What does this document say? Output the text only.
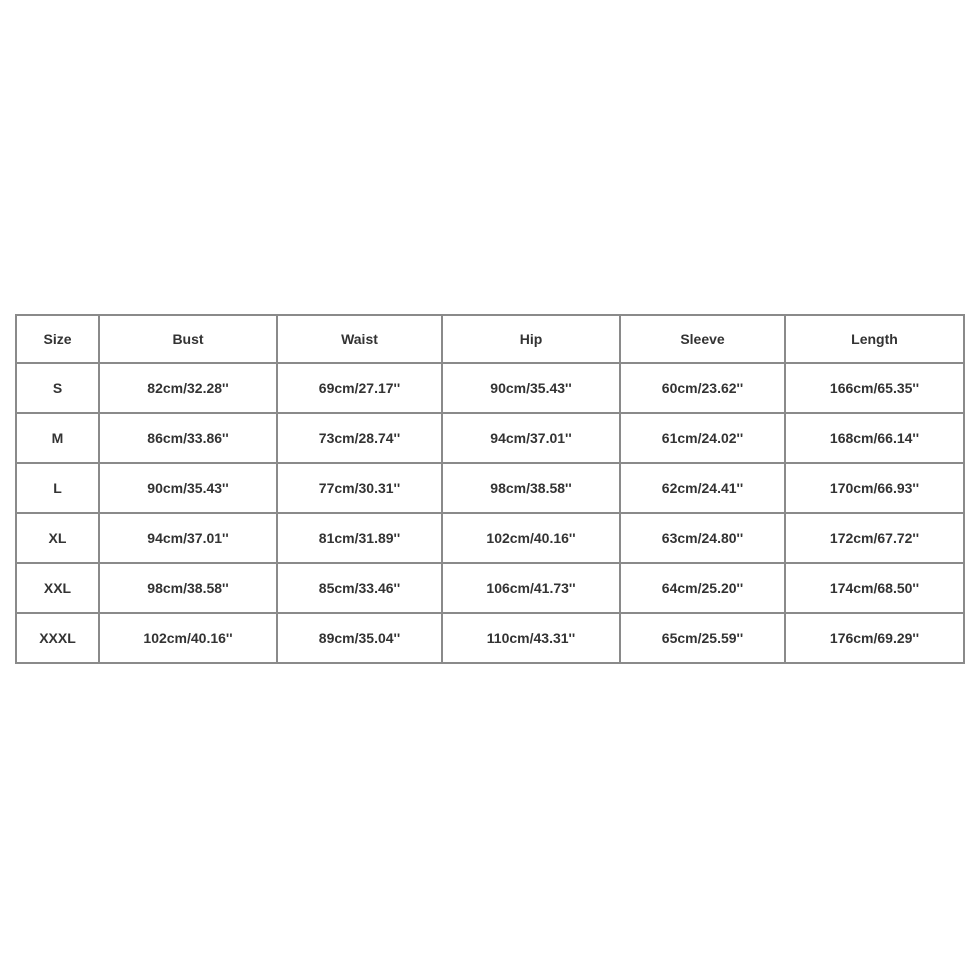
Size	Bust	Waist	Hip	Sleeve	Length
S	82cm/32.28''	69cm/27.17''	90cm/35.43''	60cm/23.62''	166cm/65.35''
M	86cm/33.86''	73cm/28.74''	94cm/37.01''	61cm/24.02''	168cm/66.14''
L	90cm/35.43''	77cm/30.31''	98cm/38.58''	62cm/24.41''	170cm/66.93''
XL	94cm/37.01''	81cm/31.89''	102cm/40.16''	63cm/24.80''	172cm/67.72''
XXL	98cm/38.58''	85cm/33.46''	106cm/41.73''	64cm/25.20''	174cm/68.50''
XXXL	102cm/40.16''	89cm/35.04''	110cm/43.31''	65cm/25.59''	176cm/69.29''
